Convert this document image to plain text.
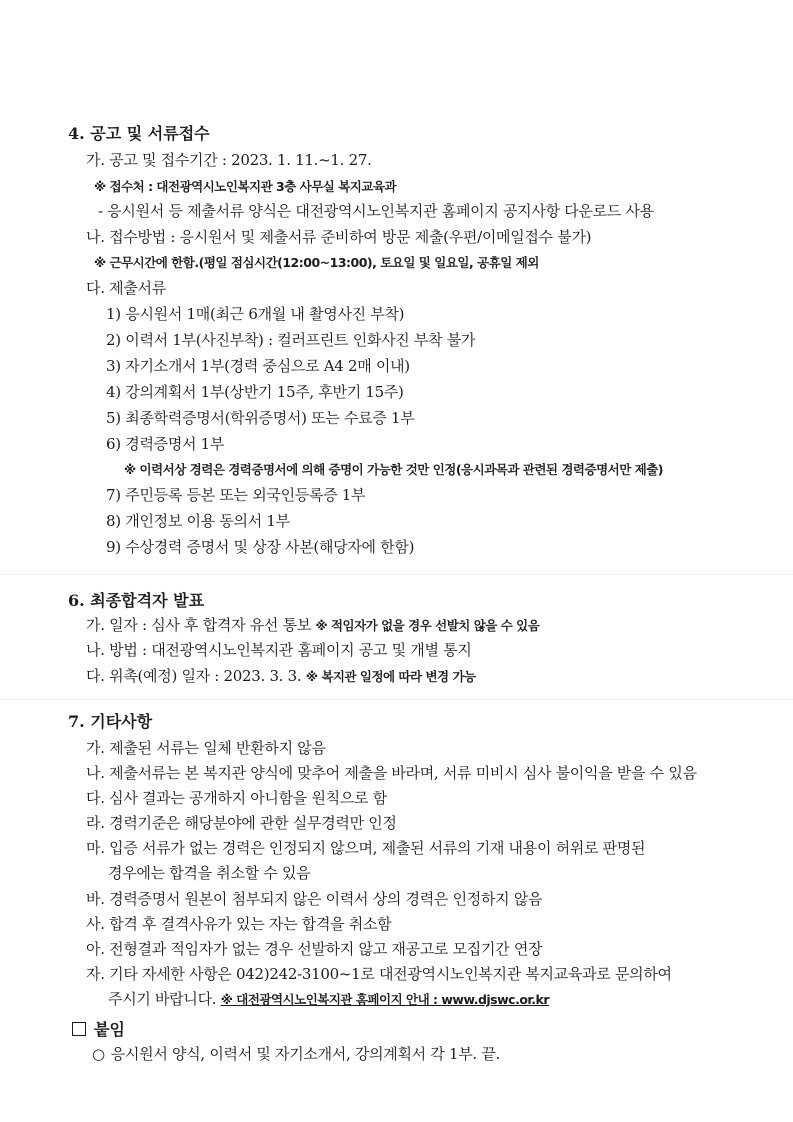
4. 공고 및 서류접수
가. 공고 및 접수기간 : 2023. 1. 11.~1. 27.
※ 접수처 : 대전광역시노인복지관 3층 사무실 복지교육과
- 응시원서 등 제출서류 양식은 대전광역시노인복지관 홈페이지 공지사항 다운로드 사용
나. 접수방법 : 응시원서 및 제출서류 준비하여 방문 제출(우편/이메일접수 불가)
※ 근무시간에 한함.(평일 점심시간(12:00~13:00), 토요일 및 일요일, 공휴일 제외
다. 제출서류
1) 응시원서 1매(최근 6개월 내 촬영사진 부착)
2) 이력서 1부(사진부착) : 컬러프린트 인화사진 부착 불가
3) 자기소개서 1부(경력 중심으로 A4 2매 이내)
4) 강의계획서 1부(상반기 15주, 후반기 15주)
5) 최종학력증명서(학위증명서) 또는 수료증 1부
6) 경력증명서 1부
※ 이력서상 경력은 경력증명서에 의해 증명이 가능한 것만 인정(응시과목과 관련된 경력증명서만 제출)
7) 주민등록 등본 또는 외국인등록증 1부
8) 개인정보 이용 동의서 1부
9) 수상경력 증명서 및 상장 사본(해당자에 한함)
6. 최종합격자 발표
가. 일자 : 심사 후 합격자 유선 통보 ※ 적임자가 없을 경우 선발치 않을 수 있음
나. 방법 : 대전광역시노인복지관 홈페이지 공고 및 개별 통지
다. 위촉(예정) 일자 : 2023. 3. 3. ※ 복지관 일정에 따라 변경 가능
7. 기타사항
가. 제출된 서류는 일체 반환하지 않음
나. 제출서류는 본 복지관 양식에 맞추어 제출을 바라며, 서류 미비시 심사 불이익을 받을 수 있음
다. 심사 결과는 공개하지 아니함을 원칙으로 함
라. 경력기준은 해당분야에 관한 실무경력만 인정
마. 입증 서류가 없는 경력은 인정되지 않으며, 제출된 서류의 기재 내용이 허위로 판명된
경우에는 합격을 취소할 수 있음
바. 경력증명서 원본이 첨부되지 않은 이력서 상의 경력은 인정하지 않음
사. 합격 후 결격사유가 있는 자는 합격을 취소함
아. 전형결과 적임자가 없는 경우 선발하지 않고 재공고로 모집기간 연장
자. 기타 자세한 사항은 042)242-3100~1로 대전광역시노인복지관 복지교육과로 문의하여
주시기 바랍니다. ※ 대전광역시노인복지관 홈페이지 안내 : www.djswc.or.kr
붙임
○ 응시원서 양식, 이력서 및 자기소개서, 강의계획서 각 1부. 끝.
